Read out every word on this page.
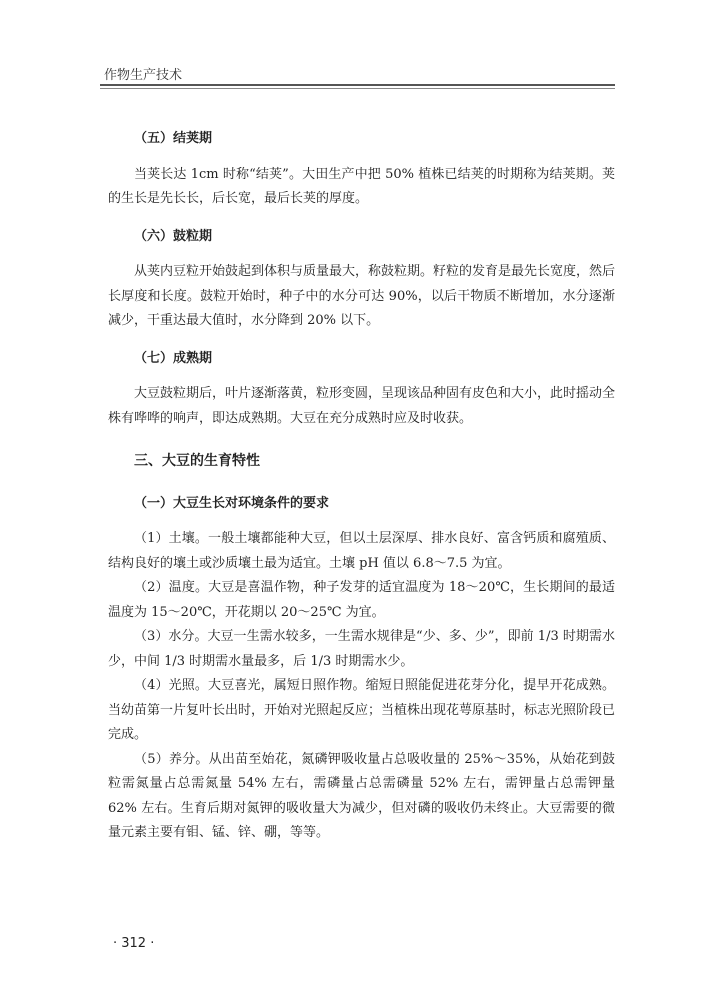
作物生产技术
（五）结荚期

当荚长达 1cm 时称“结荚”。大田生产中把 50% 植株已结荚的时期称为结荚期。荚的生长是先长长，后长宽，最后长荚的厚度。

（六）鼓粒期

从荚内豆粒开始鼓起到体积与质量最大，称鼓粒期。籽粒的发育是最先长宽度，然后长厚度和长度。鼓粒开始时，种子中的水分可达 90%，以后干物质不断增加，水分逐渐减少，干重达最大值时，水分降到 20% 以下。

（七）成熟期

大豆鼓粒期后，叶片逐渐落黄，粒形变圆，呈现该品种固有皮色和大小，此时摇动全株有哗哗的响声，即达成熟期。大豆在充分成熟时应及时收获。

三、大豆的生育特性
（一）大豆生长对环境条件的要求

（1）土壤。一般土壤都能种大豆，但以土层深厚、排水良好、富含钙质和腐殖质、结构良好的壤土或沙质壤土最为适宜。土壤 pH 值以 6.8～7.5 为宜。

（2）温度。大豆是喜温作物，种子发芽的适宜温度为 18～20℃，生长期间的最适温度为 15～20℃，开花期以 20～25℃ 为宜。

（3）水分。大豆一生需水较多，一生需水规律是“少、多、少”，即前 1/3 时期需水少，中间 1/3 时期需水量最多，后 1/3 时期需水少。

（4）光照。大豆喜光，属短日照作物。缩短日照能促进花芽分化，提早开花成熟。当幼苗第一片复叶长出时，开始对光照起反应；当植株出现花萼原基时，标志光照阶段已完成。

（5）养分。从出苗至始花，氮磷钾吸收量占总吸收量的 25%～35%，从始花到鼓粒需氮量占总需氮量 54% 左右，需磷量占总需磷量 52% 左右，需钾量占总需钾量 62% 左右。生育后期对氮钾的吸收量大为减少，但对磷的吸收仍未终止。大豆需要的微量元素主要有钼、锰、锌、硼，等等。

· 312 ·
